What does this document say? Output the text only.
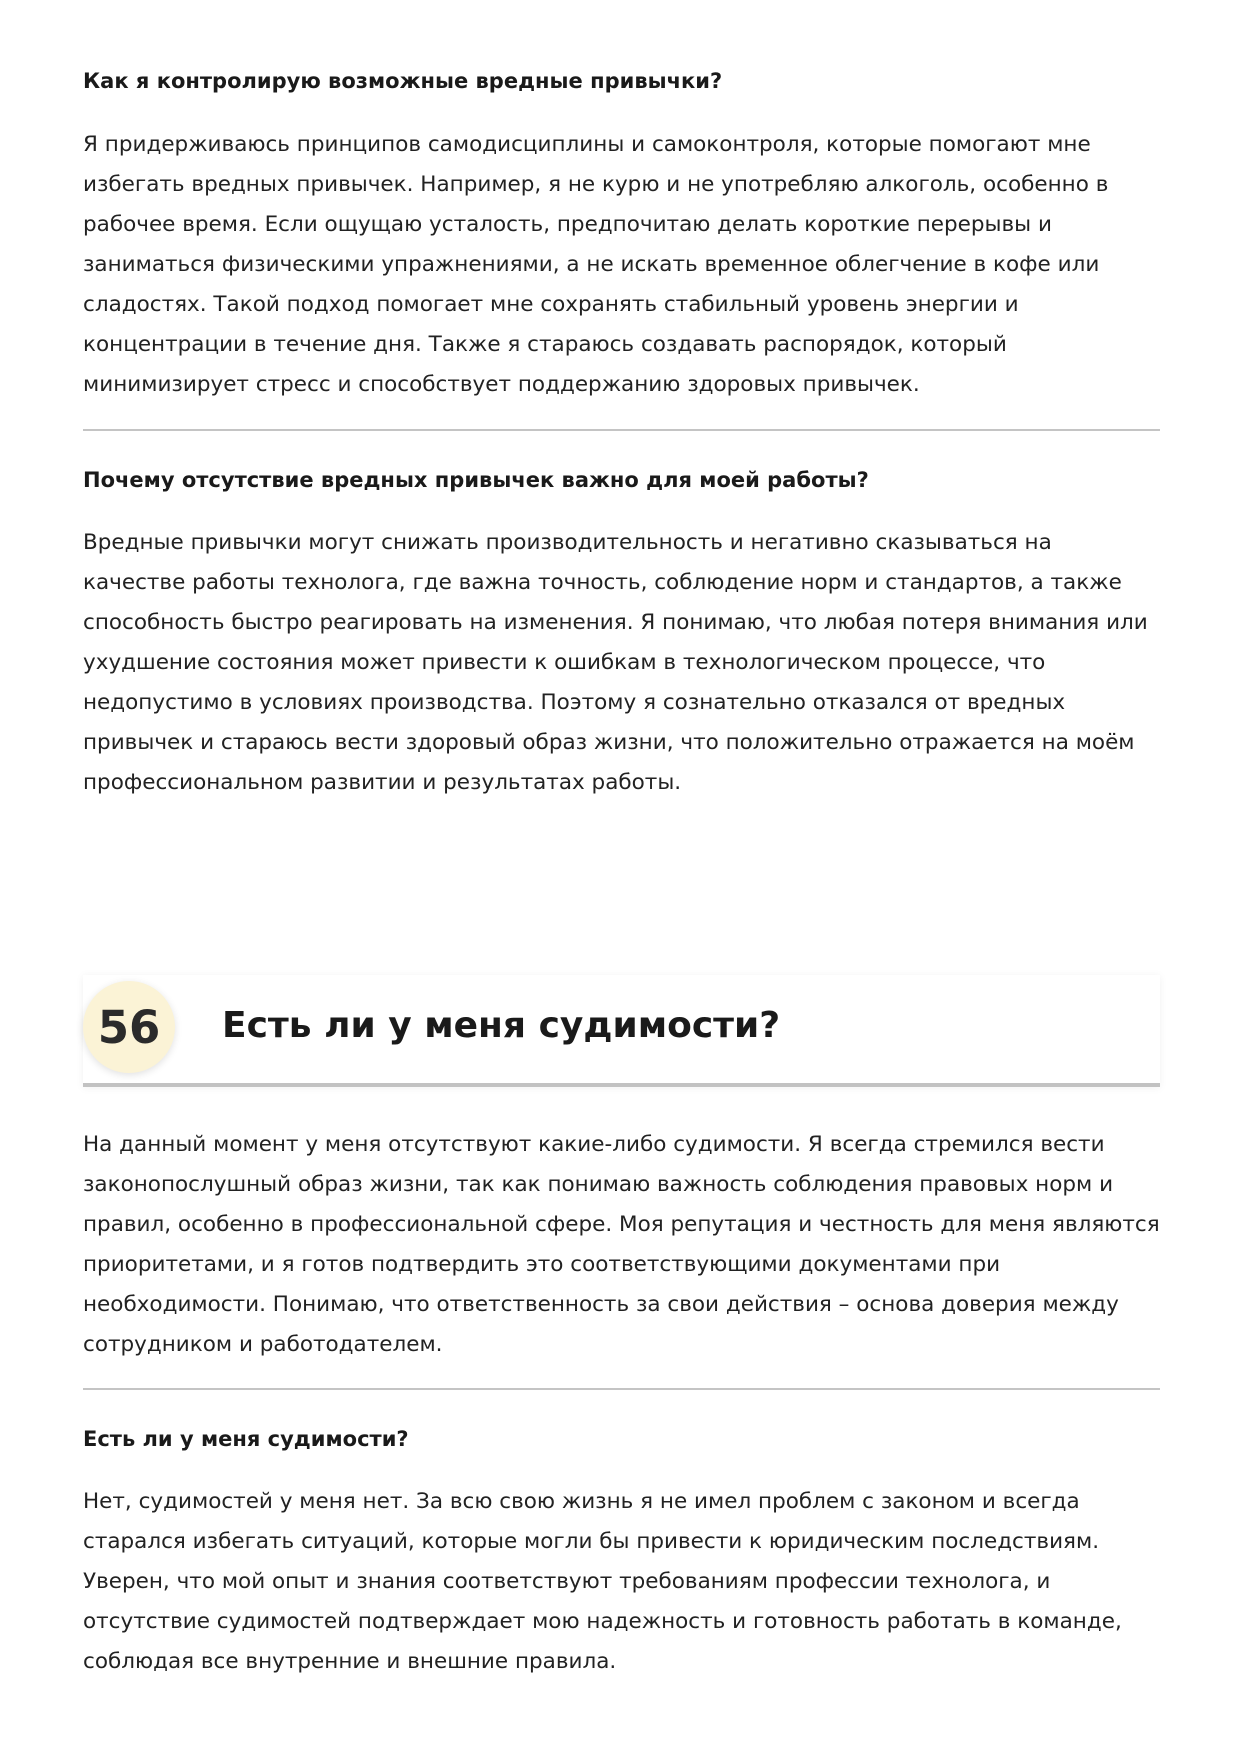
Как я контролирую возможные вредные привычки?

Я придерживаюсь принципов самодисциплины и самоконтроля, которые помогают мне избегать вредных привычек. Например, я не курю и не употребляю алкоголь, особенно в рабочее время. Если ощущаю усталость, предпочитаю делать короткие перерывы и заниматься физическими упражнениями, а не искать временное облегчение в кофе или сладостях. Такой подход помогает мне сохранять стабильный уровень энергии и концентрации в течение дня. Также я стараюсь создавать распорядок, который минимизирует стресс и способствует поддержанию здоровых привычек.

Почему отсутствие вредных привычек важно для моей работы?

Вредные привычки могут снижать производительность и негативно сказываться на качестве работы технолога, где важна точность, соблюдение норм и стандартов, а также способность быстро реагировать на изменения. Я понимаю, что любая потеря внимания или ухудшение состояния может привести к ошибкам в технологическом процессе, что недопустимо в условиях производства. Поэтому я сознательно отказался от вредных привычек и стараюсь вести здоровый образ жизни, что положительно отражается на моём профессиональном развитии и результатах работы.

56	Есть ли у меня судимости?

На данный момент у меня отсутствуют какие-либо судимости. Я всегда стремился вести законопослушный образ жизни, так как понимаю важность соблюдения правовых норм и правил, особенно в профессиональной сфере. Моя репутация и честность для меня являются приоритетами, и я готов подтвердить это соответствующими документами при необходимости. Понимаю, что ответственность за свои действия – основа доверия между сотрудником и работодателем.

Есть ли у меня судимости?

Нет, судимостей у меня нет. За всю свою жизнь я не имел проблем с законом и всегда старался избегать ситуаций, которые могли бы привести к юридическим последствиям. Уверен, что мой опыт и знания соответствуют требованиям профессии технолога, и отсутствие судимостей подтверждает мою надежность и готовность работать в команде, соблюдая все внутренние и внешние правила.
